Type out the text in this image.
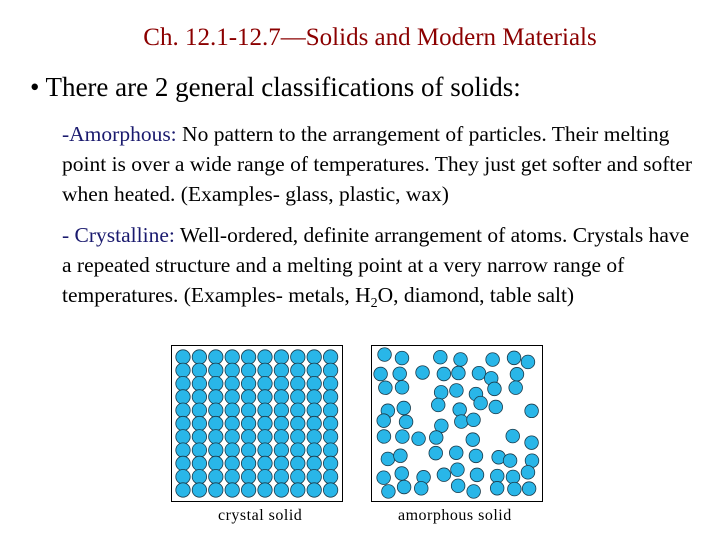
Ch. 12.1-12.7—Solids and Modern Materials
• There are 2 general classifications of solids:
-Amorphous: No pattern to the arrangement of particles. Their melting point is over a wide range of temperatures. They just get softer and softer when heated. (Examples- glass, plastic, wax)
- Crystalline: Well-ordered, definite arrangement of atoms. Crystals have a repeated structure and a melting point at a very narrow range of temperatures. (Examples- metals, $H_2O$, diamond, table salt)
crystal solid	amorphous solid
